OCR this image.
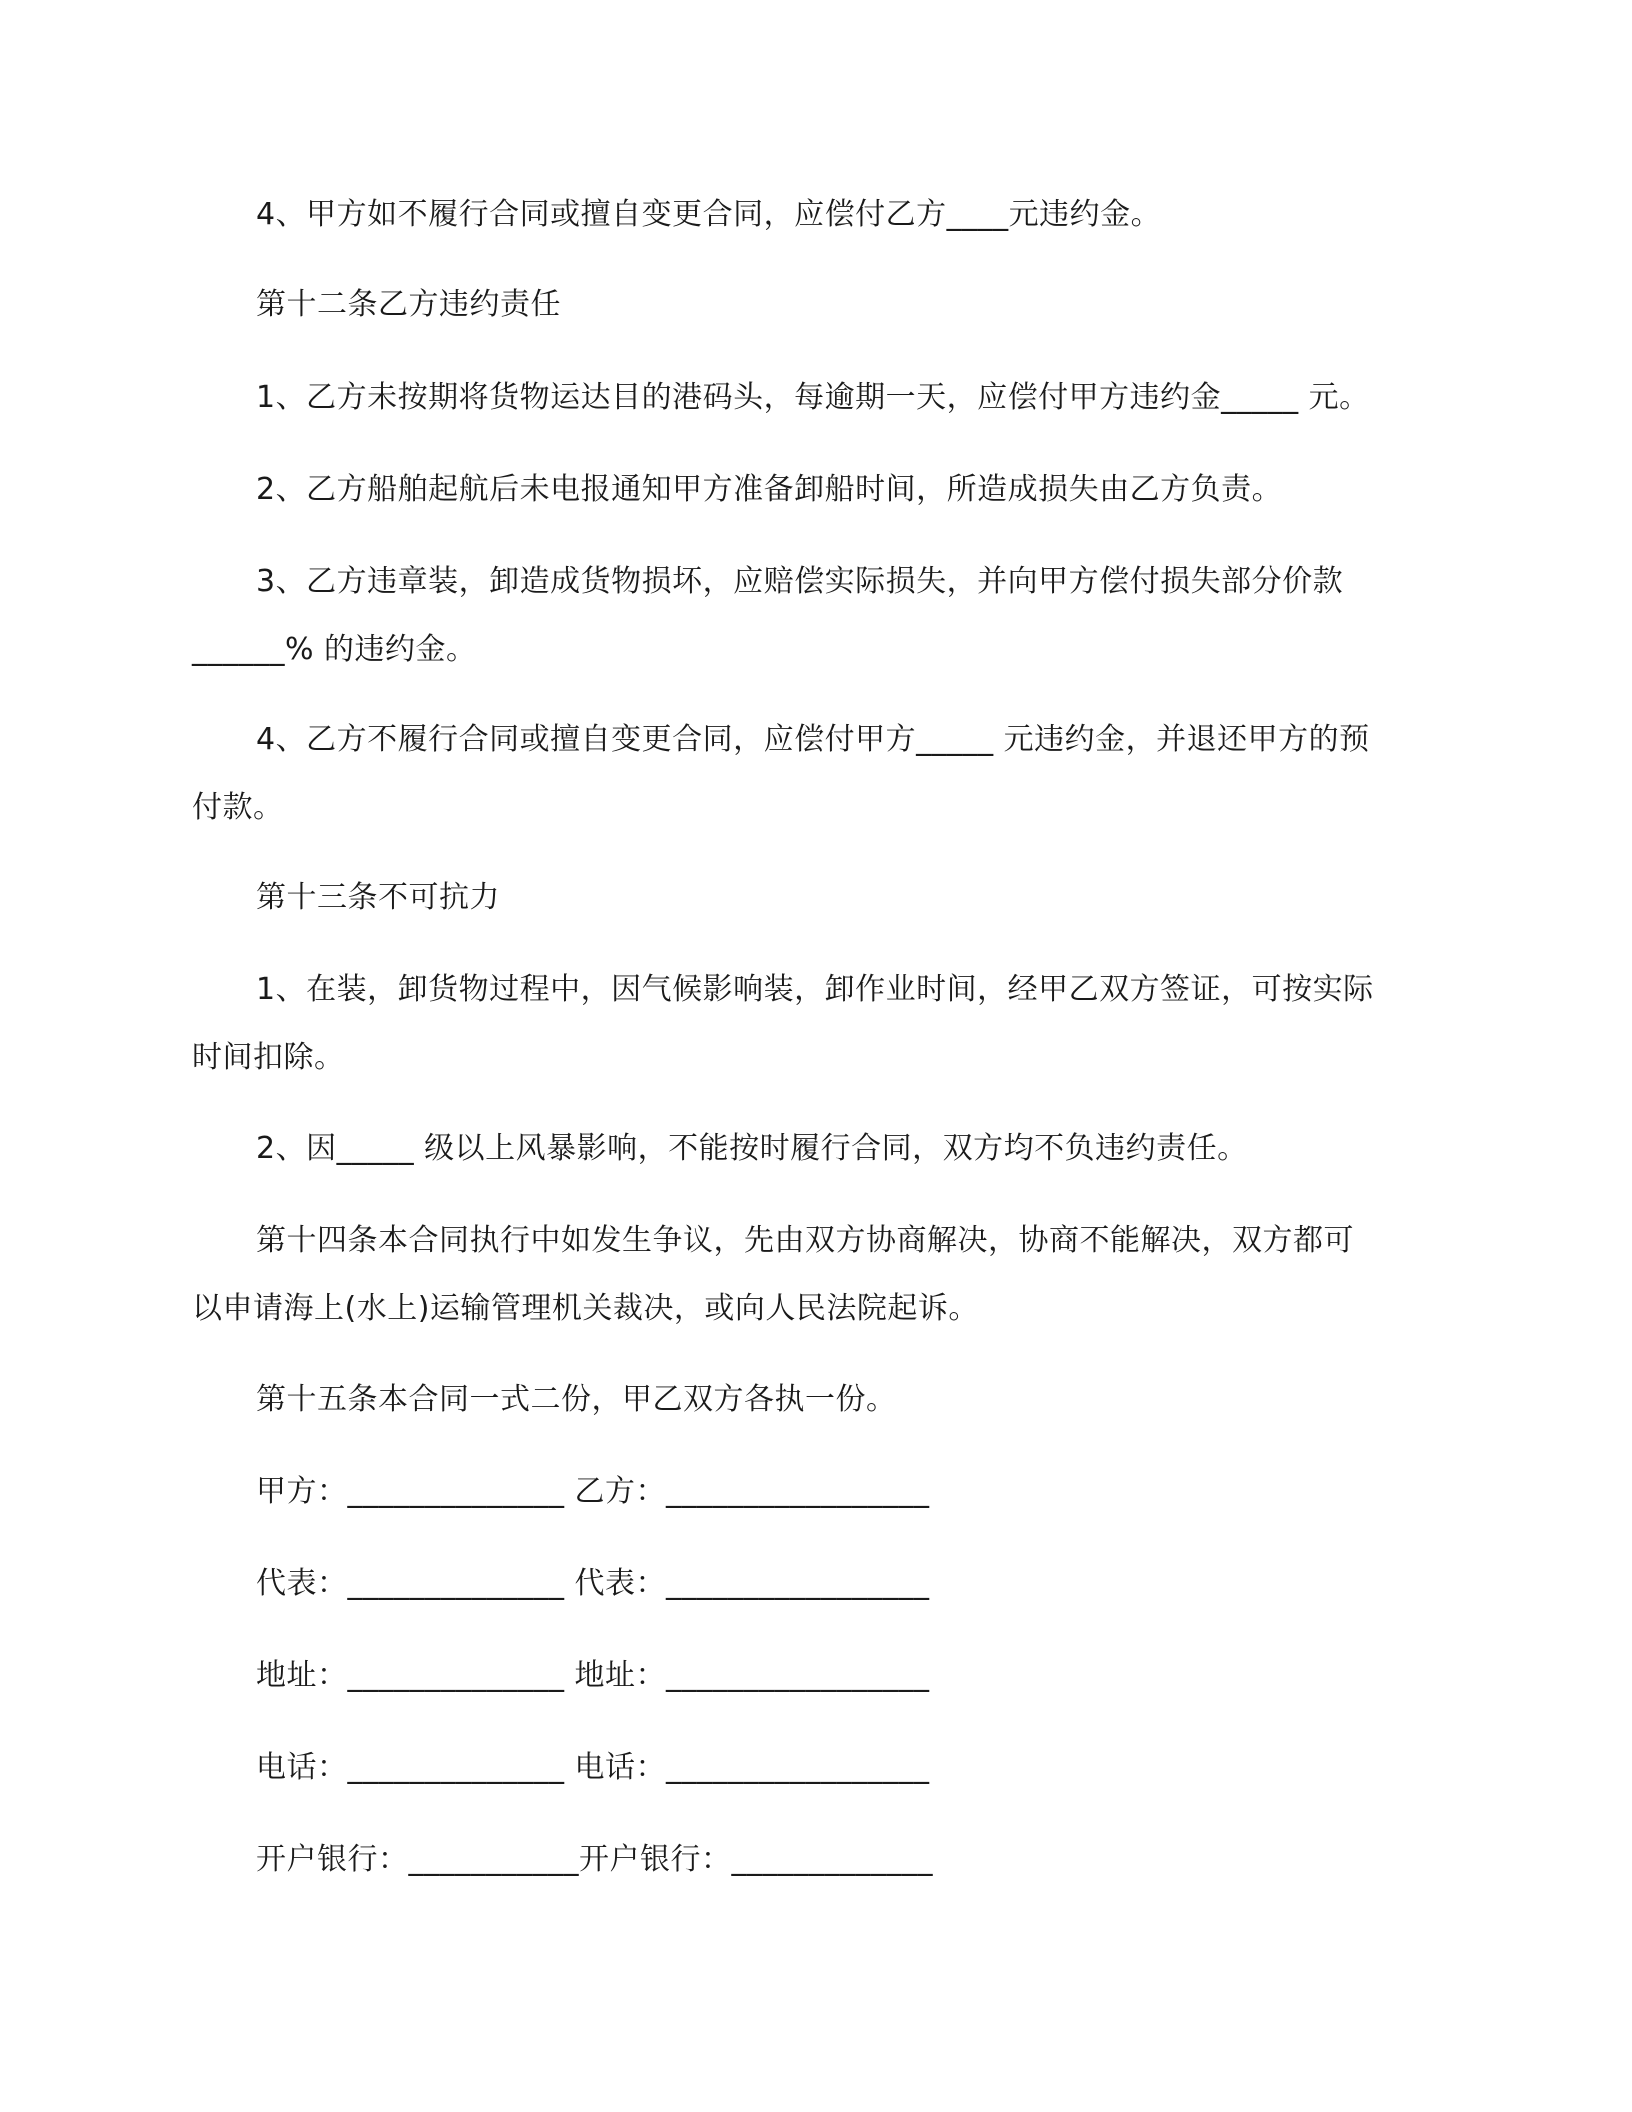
4、甲方如不履行合同或擅自变更合同，应偿付乙方____元违约金。
第十二条乙方违约责任
1、乙方未按期将货物运达目的港码头，每逾期一天，应偿付甲方违约金_____ 元。
2、乙方船舶起航后未电报通知甲方准备卸船时间，所造成损失由乙方负责。
3、乙方违章装，卸造成货物损坏，应赔偿实际损失，并向甲方偿付损失部分价款
______% 的违约金。
4、乙方不履行合同或擅自变更合同，应偿付甲方_____ 元违约金，并退还甲方的预
付款。
第十三条不可抗力
1、在装，卸货物过程中，因气候影响装，卸作业时间，经甲乙双方签证，可按实际
时间扣除。
2、因_____ 级以上风暴影响，不能按时履行合同，双方均不负违约责任。
第十四条本合同执行中如发生争议，先由双方协商解决，协商不能解决，双方都可
以申请海上(水上)运输管理机关裁决，或向人民法院起诉。
第十五条本合同一式二份，甲乙双方各执一份。
甲方：______________ 乙方：_________________
代表：______________ 代表：_________________
地址：______________ 地址：_________________
电话：______________ 电话：_________________
开户银行：___________开户银行：_____________
